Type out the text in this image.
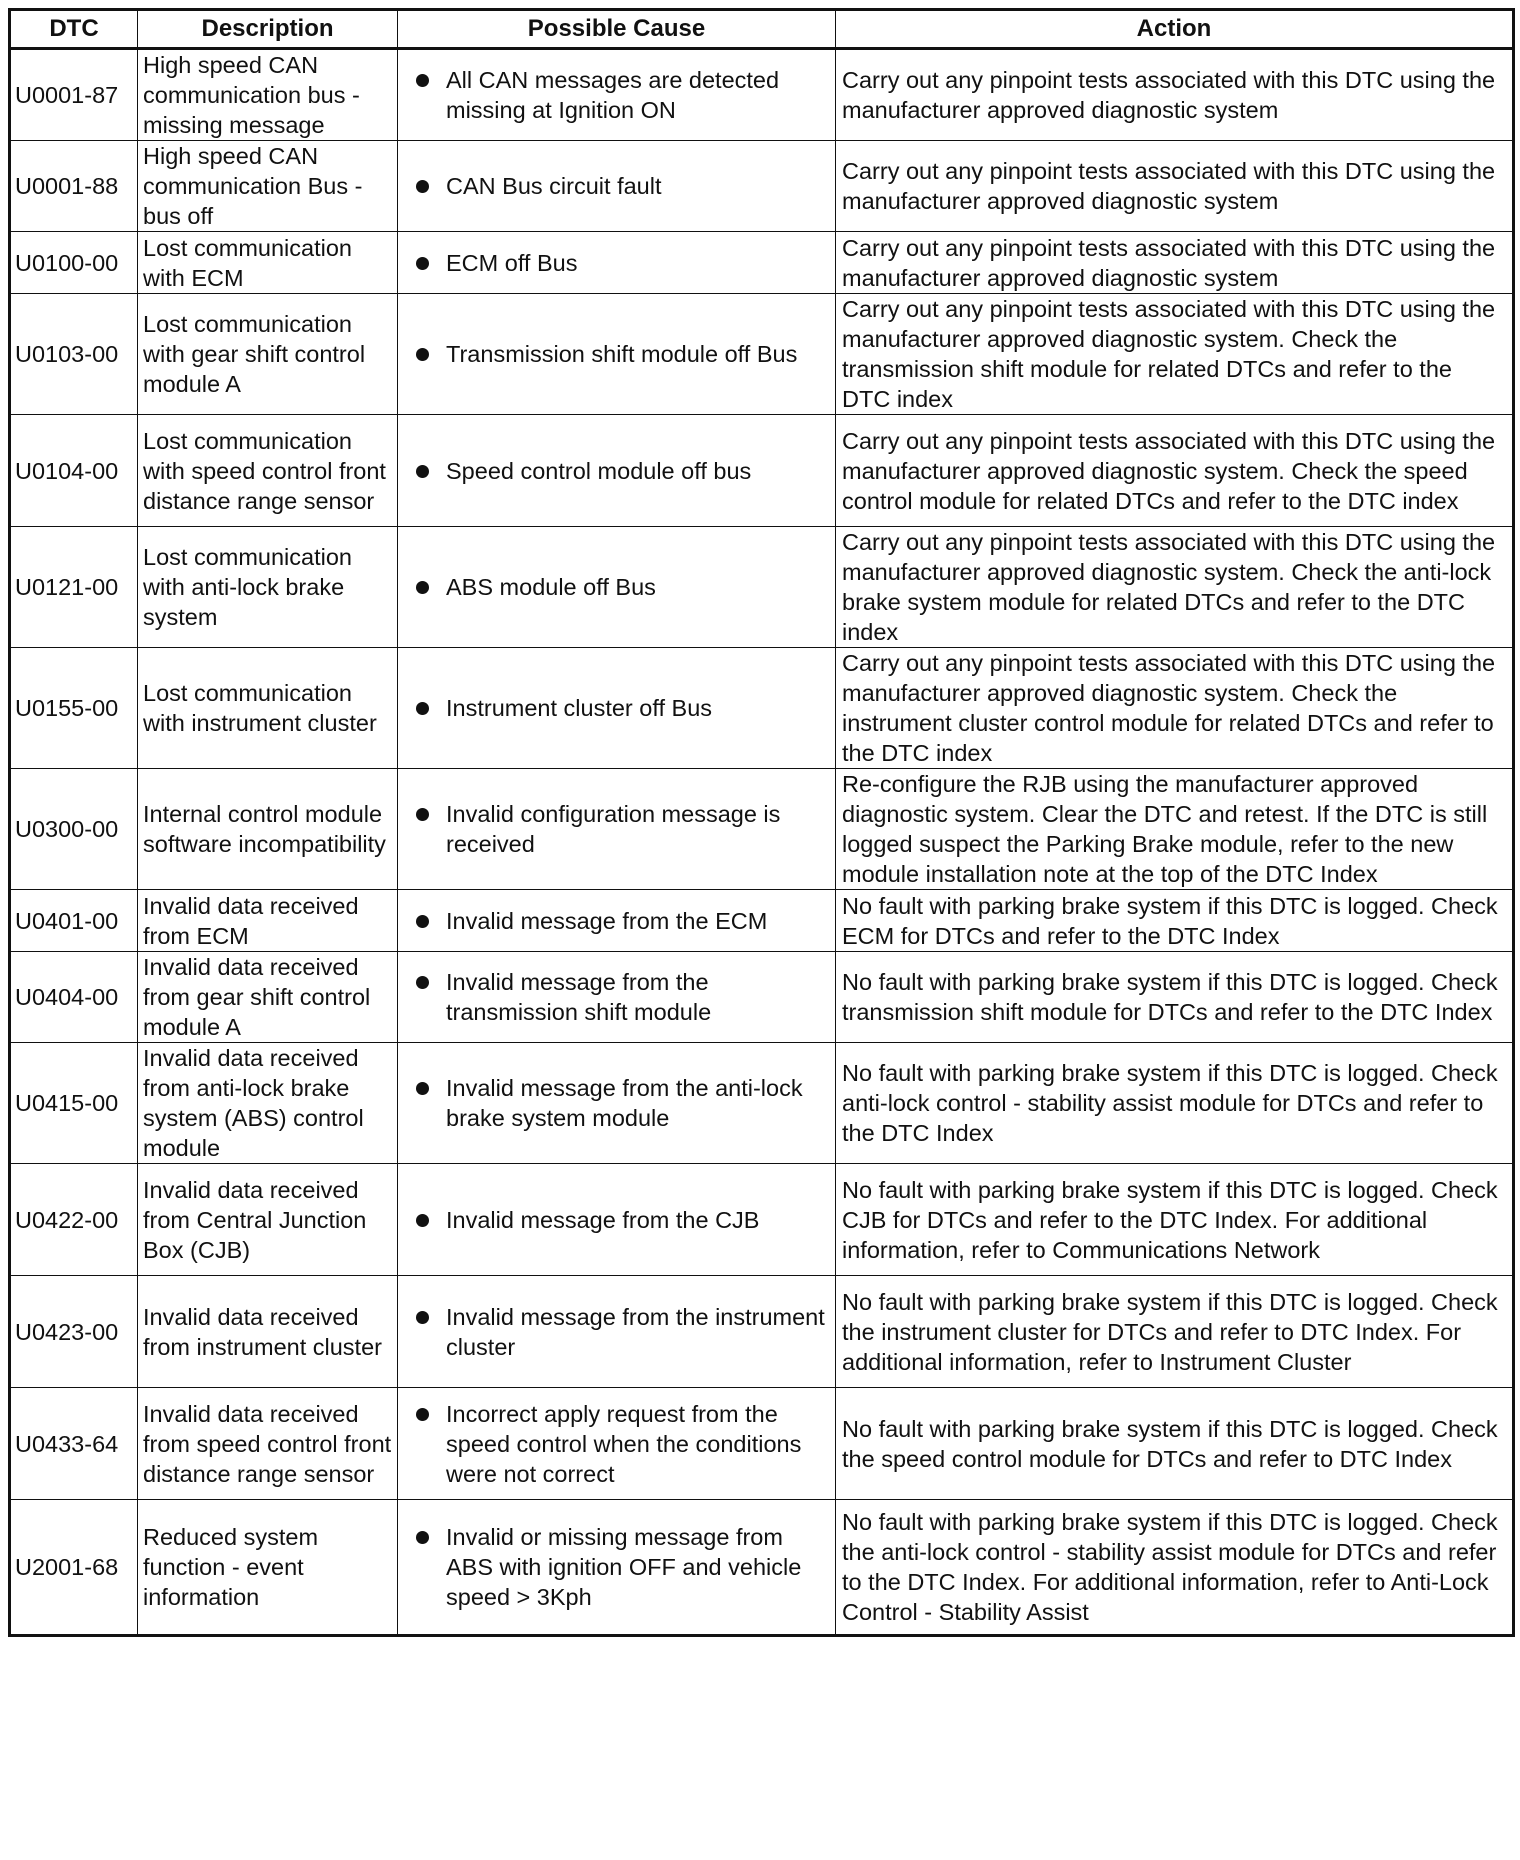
DTC	Description	Possible Cause	Action
U0001-87	High speed CAN communication bus - missing message	All CAN messages are detected missing at Ignition ON	Carry out any pinpoint tests associated with this DTC using the manufacturer approved diagnostic system
U0001-88	High speed CAN communication Bus - bus off	CAN Bus circuit fault	Carry out any pinpoint tests associated with this DTC using the manufacturer approved diagnostic system
U0100-00	Lost communication with ECM	ECM off Bus	Carry out any pinpoint tests associated with this DTC using the manufacturer approved diagnostic system
U0103-00	Lost communication with gear shift control module A	Transmission shift module off Bus	Carry out any pinpoint tests associated with this DTC using the manufacturer approved diagnostic system. Check the transmission shift module for related DTCs and refer to the DTC index
U0104-00	Lost communication with speed control front distance range sensor	Speed control module off bus	Carry out any pinpoint tests associated with this DTC using the manufacturer approved diagnostic system. Check the speed control module for related DTCs and refer to the DTC index
U0121-00	Lost communication with anti-lock brake system	ABS module off Bus	Carry out any pinpoint tests associated with this DTC using the manufacturer approved diagnostic system. Check the anti-lock brake system module for related DTCs and refer to the DTC index
U0155-00	Lost communication with instrument cluster	Instrument cluster off Bus	Carry out any pinpoint tests associated with this DTC using the manufacturer approved diagnostic system. Check the instrument cluster control module for related DTCs and refer to the DTC index
U0300-00	Internal control module software incompatibility	Invalid configuration message is received	Re-configure the RJB using the manufacturer approved diagnostic system. Clear the DTC and retest. If the DTC is still logged suspect the Parking Brake module, refer to the new module installation note at the top of the DTC Index
U0401-00	Invalid data received from ECM	Invalid message from the ECM	No fault with parking brake system if this DTC is logged. Check ECM for DTCs and refer to the DTC Index
U0404-00	Invalid data received from gear shift control module A	Invalid message from the transmission shift module	No fault with parking brake system if this DTC is logged. Check transmission shift module for DTCs and refer to the DTC Index
U0415-00	Invalid data received from anti-lock brake system (ABS) control module	Invalid message from the anti-lock brake system module	No fault with parking brake system if this DTC is logged. Check anti-lock control - stability assist module for DTCs and refer to the DTC Index
U0422-00	Invalid data received from Central Junction Box (CJB)	Invalid message from the CJB	No fault with parking brake system if this DTC is logged. Check CJB for DTCs and refer to the DTC Index. For additional information, refer to Communications Network
U0423-00	Invalid data received from instrument cluster	Invalid message from the instrument cluster	No fault with parking brake system if this DTC is logged. Check the instrument cluster for DTCs and refer to DTC Index. For additional information, refer to Instrument Cluster
U0433-64	Invalid data received from speed control front distance range sensor	Incorrect apply request from the speed control when the conditions were not correct	No fault with parking brake system if this DTC is logged. Check the speed control module for DTCs and refer to DTC Index
U2001-68	Reduced system function - event information	Invalid or missing message from ABS with ignition OFF and vehicle speed > 3Kph	No fault with parking brake system if this DTC is logged. Check the anti-lock control - stability assist module for DTCs and refer to the DTC Index. For additional information, refer to Anti-Lock Control - Stability Assist
